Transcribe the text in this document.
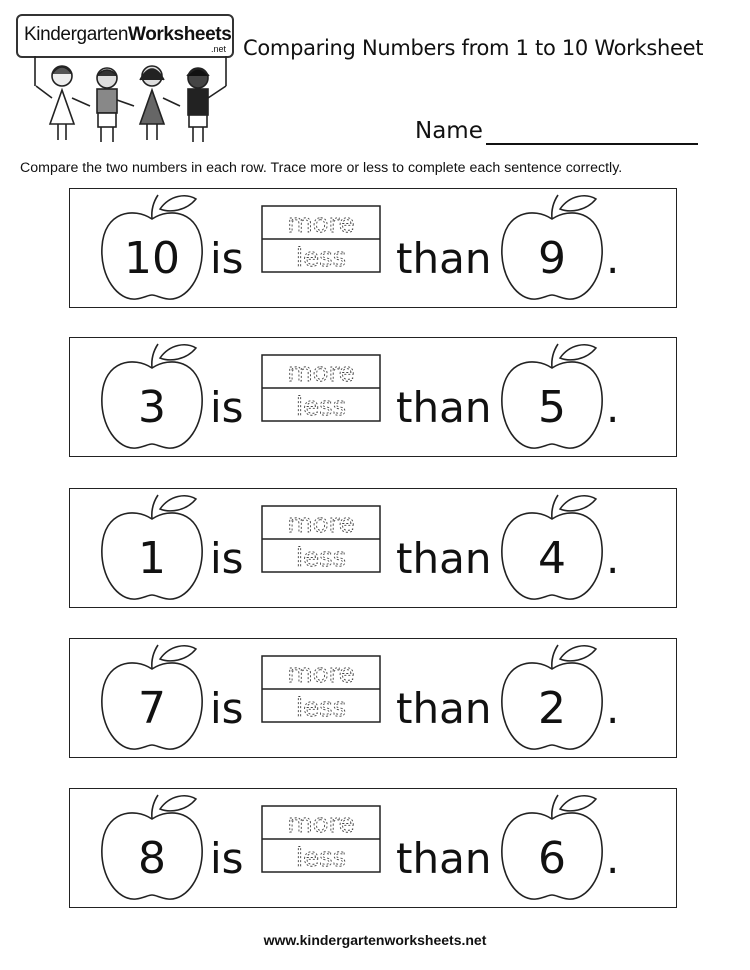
KindergartenWorksheets
.net Comparing Numbers from 1 to 10 Worksheet
Name
Compare the two numbers in each row. Trace more or less to complete each sentence correctly.
10 is
more
less than 9 .
3 is
more
less than 5 .
1 is
more
less than 4 .
7 is
more
less than 2 .
8 is
more
less than 6 .
www.kindergartenworksheets.net
